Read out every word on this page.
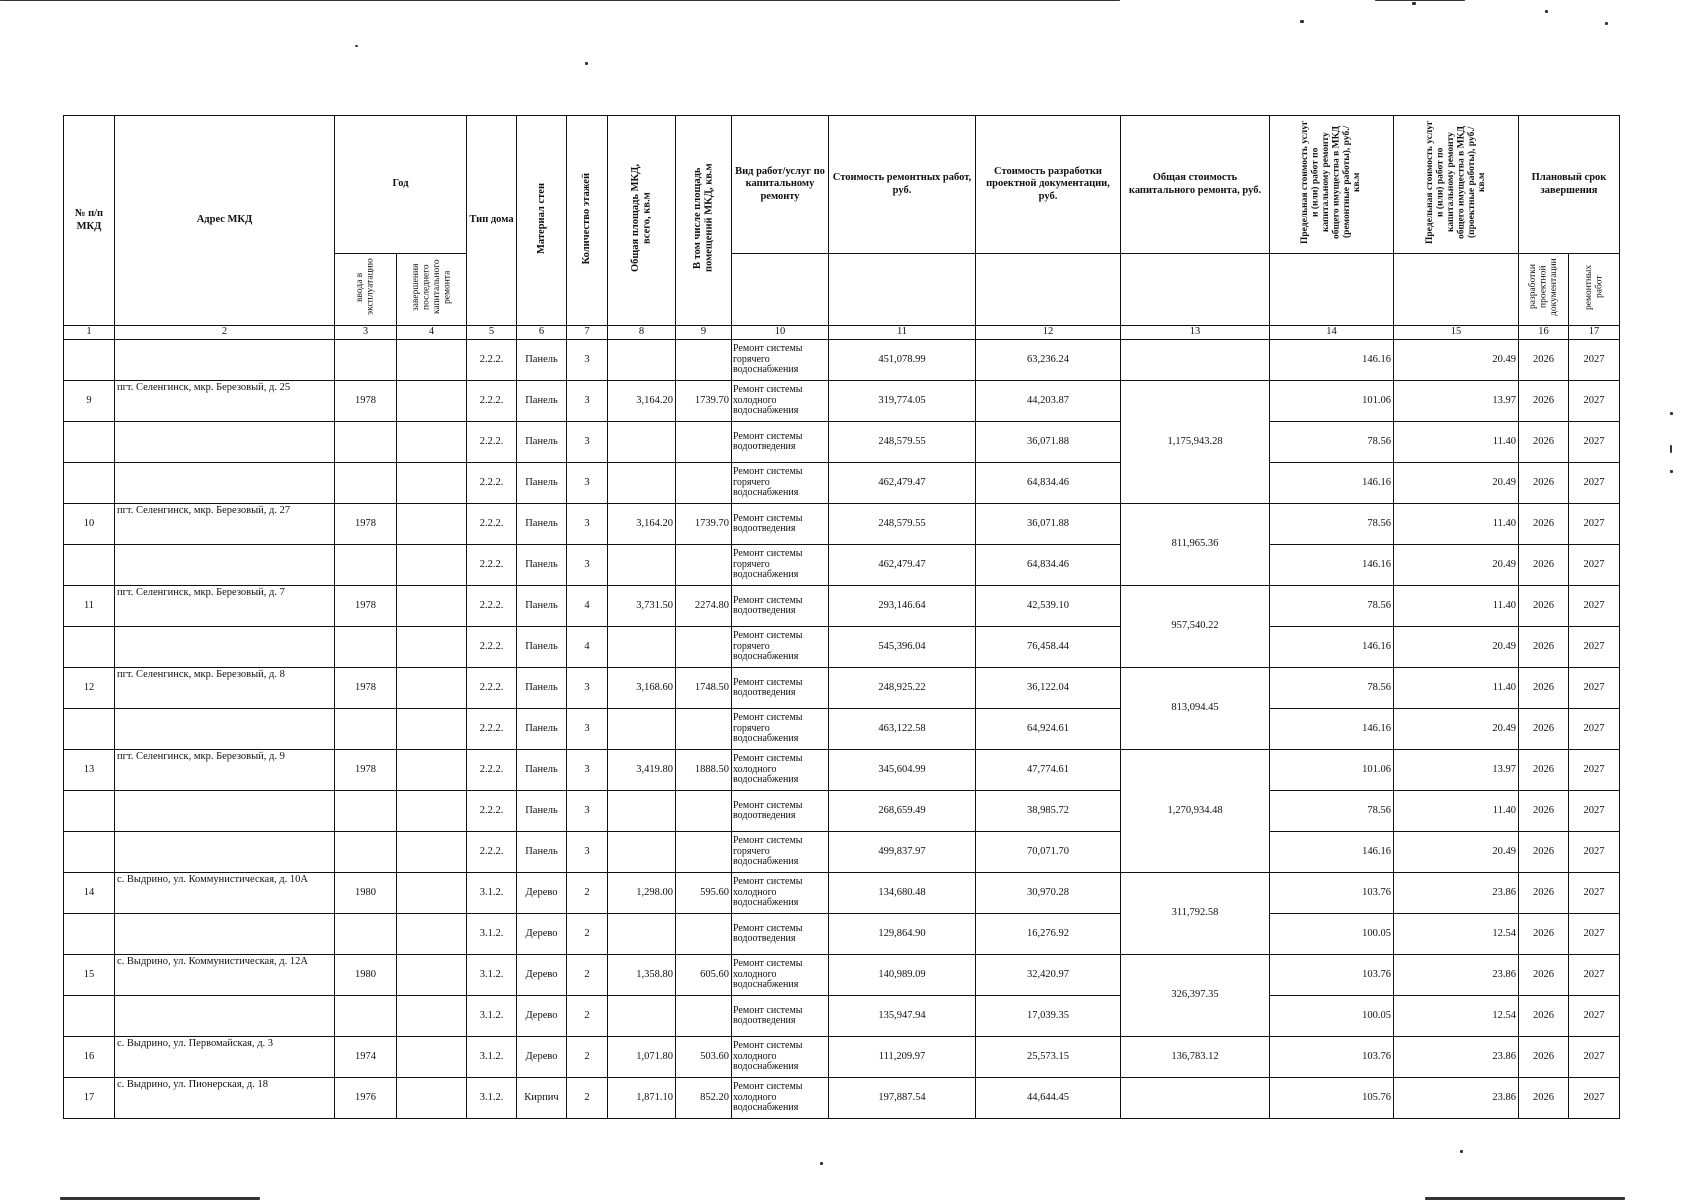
№ п/п МКД	Адрес МКД	Год		Тип дома	Материал стен	Количество этажей	Общая площадь МКД, всего, кв.м	В том числе площадь помещений МКД, кв.м	Вид работ/услуг по капитальному ремонту	Стоимость ремонтных работ, руб.	Стоимость разработки проектной документации, руб.	Общая стоимость капитального ремонта, руб.	Предельная стоимость услуг и (или) работ по капитальному ремонту общего имущества в МКД (ремонтные работы), руб./кв.м	Предельная стоимость услуг и (или) работ по капитальному ремонту общего имущества в МКД (проектные работы), руб./кв.м	Плановый срок завершения	
		ввода в эксплуатацию	завершения последнего капитального ремонта												разработки проектной документации	ремонтных работ
1	2	3	4	5	6	7	8	9	10	11	12	13	14	15	16	17
				2.2.2.	Панель	3			Ремонт системы горячего водоснабжения	451,078.99	63,236.24		146.16	20.49	2026	2027
9	пгт. Селенгинск, мкр. Березовый, д. 25	1978		2.2.2.	Панель	3	3,164.20	1739.70	Ремонт системы холодного водоснабжения	319,774.05	44,203.87	1,175,943.28	101.06	13.97	2026	2027
				2.2.2.	Панель	3			Ремонт системы водоотведения	248,579.55	36,071.88		78.56	11.40	2026	2027
				2.2.2.	Панель	3			Ремонт системы горячего водоснабжения	462,479.47	64,834.46		146.16	20.49	2026	2027
10	пгт. Селенгинск, мкр. Березовый, д. 27	1978		2.2.2.	Панель	3	3,164.20	1739.70	Ремонт системы водоотведения	248,579.55	36,071.88	811,965.36	78.56	11.40	2026	2027
				2.2.2.	Панель	3			Ремонт системы горячего водоснабжения	462,479.47	64,834.46		146.16	20.49	2026	2027
11	пгт. Селенгинск, мкр. Березовый, д. 7	1978		2.2.2.	Панель	4	3,731.50	2274.80	Ремонт системы водоотведения	293,146.64	42,539.10	957,540.22	78.56	11.40	2026	2027
				2.2.2.	Панель	4			Ремонт системы горячего водоснабжения	545,396.04	76,458.44		146.16	20.49	2026	2027
12	пгт. Селенгинск, мкр. Березовый, д. 8	1978		2.2.2.	Панель	3	3,168.60	1748.50	Ремонт системы водоотведения	248,925.22	36,122.04	813,094.45	78.56	11.40	2026	2027
				2.2.2.	Панель	3			Ремонт системы горячего водоснабжения	463,122.58	64,924.61		146.16	20.49	2026	2027
13	пгт. Селенгинск, мкр. Березовый, д. 9	1978		2.2.2.	Панель	3	3,419.80	1888.50	Ремонт системы холодного водоснабжения	345,604.99	47,774.61	1,270,934.48	101.06	13.97	2026	2027
				2.2.2.	Панель	3			Ремонт системы водоотведения	268,659.49	38,985.72		78.56	11.40	2026	2027
				2.2.2.	Панель	3			Ремонт системы горячего водоснабжения	499,837.97	70,071.70		146.16	20.49	2026	2027
14	с. Выдрино, ул. Коммунистическая, д. 10А	1980		3.1.2.	Дерево	2	1,298.00	595.60	Ремонт системы холодного водоснабжения	134,680.48	30,970.28	311,792.58	103.76	23.86	2026	2027
				3.1.2.	Дерево	2			Ремонт системы водоотведения	129,864.90	16,276.92		100.05	12.54	2026	2027
15	с. Выдрино, ул. Коммунистическая, д. 12А	1980		3.1.2.	Дерево	2	1,358.80	605.60	Ремонт системы холодного водоснабжения	140,989.09	32,420.97	326,397.35	103.76	23.86	2026	2027
				3.1.2.	Дерево	2			Ремонт системы водоотведения	135,947.94	17,039.35		100.05	12.54	2026	2027
16	с. Выдрино, ул. Первомайская, д. 3	1974		3.1.2.	Дерево	2	1,071.80	503.60	Ремонт системы холодного водоснабжения	111,209.97	25,573.15	136,783.12	103.76	23.86	2026	2027
17	с. Выдрино, ул. Пионерская, д. 18	1976		3.1.2.	Кирпич	2	1,871.10	852.20	Ремонт системы холодного водоснабжения	197,887.54	44,644.45		105.76	23.86	2026	2027
